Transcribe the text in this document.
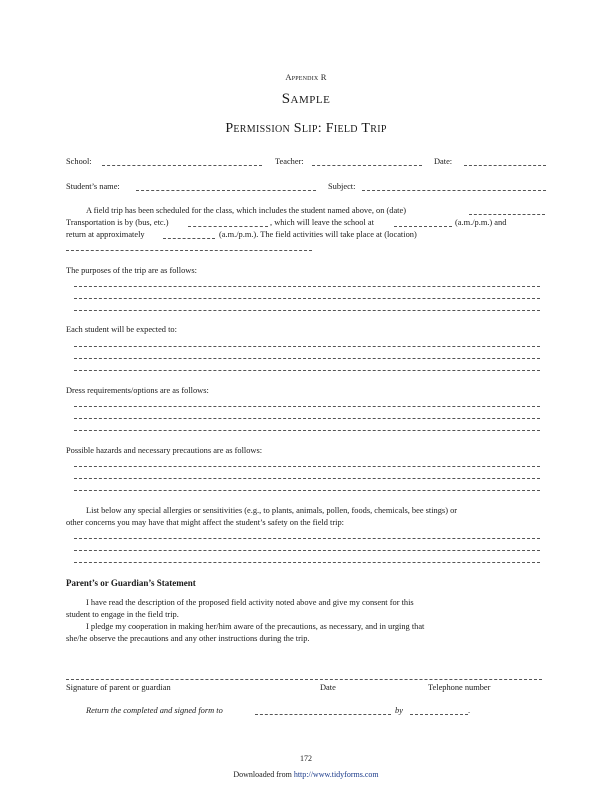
Appendix R
Sample
Permission Slip: Field Trip
School:	Teacher:	Date:
Student’s name:	Subject:
A field trip has been scheduled for the class, which includes the student named above, on (date)
Transportation is by (bus, etc.)	, which will leave the school at	(a.m./p.m.) and
return at approximately	(a.m./p.m.). The field activities will take place at (location)
The purposes of the trip are as follows:
Each student will be expected to:
Dress requirements/options are as follows:
Possible hazards and necessary precautions are as follows:
List below any special allergies or sensitivities (e.g., to plants, animals, pollen, foods, chemicals, bee stings) or
other concerns you may have that might affect the student’s safety on the field trip:
Parent’s or Guardian’s Statement
I have read the description of the proposed field activity noted above and give my consent for this
student to engage in the field trip.
I pledge my cooperation in making her/him aware of the precautions, as necessary, and in urging that
she/he observe the precautions and any other instructions during the trip.
Signature of parent or guardian	Date	Telephone number
Return the completed and signed form to	by	.
172
Downloaded from http://www.tidyforms.com
